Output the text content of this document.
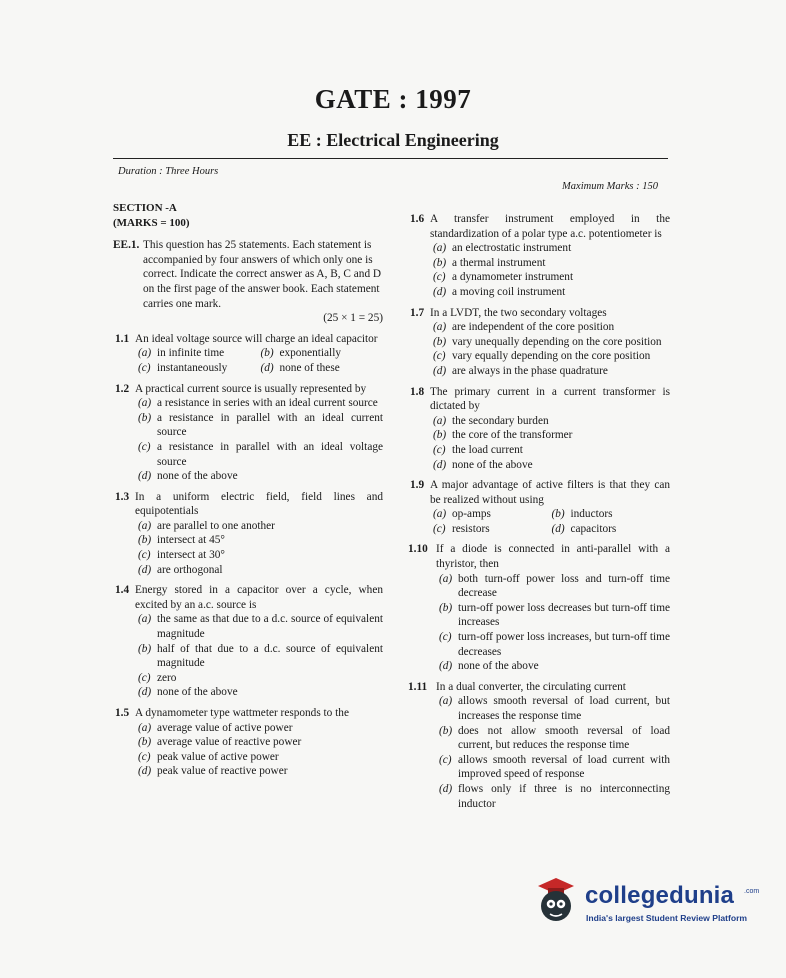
GATE : 1997
EE : Electrical Engineering
Duration : Three Hours
Maximum Marks : 150
SECTION -A
(MARKS = 100)
EE.1. This question has 25 statements. Each statement is accompanied by four answers of which only one is correct. Indicate the correct answer as A, B, C and D on the first page of the answer book. Each statement carries one mark.
(25 × 1 = 25)
1.1 An ideal voltage source will charge an ideal capacitor
(a) in infinite time	(b) exponentially
(c) instantaneously	(d) none of these
1.2 A practical current source is usually represented by
(a) a resistance in series with an ideal current source
(b) a resistance in parallel with an ideal current source
(c) a resistance in parallel with an ideal voltage source
(d) none of the above
1.3 In a uniform electric field, field lines and equipotentials
(a) are parallel to one another
(b) intersect at 45°
(c) intersect at 30°
(d) are orthogonal
1.4 Energy stored in a capacitor over a cycle, when excited by an a.c. source is
(a) the same as that due to a d.c. source of equivalent magnitude
(b) half of that due to a d.c. source of equivalent magnitude
(c) zero
(d) none of the above
1.5 A dynamometer type wattmeter responds to the
(a) average value of active power
(b) average value of reactive power
(c) peak value of active power
(d) peak value of reactive power
1.6 A transfer instrument employed in the standardization of a polar type a.c. potentiometer is
(a) an electrostatic instrument
(b) a thermal instrument
(c) a dynamometer instrument
(d) a moving coil instrument
1.7 In a LVDT, the two secondary voltages
(a) are independent of the core position
(b) vary unequally depending on the core position
(c) vary equally depending on the core position
(d) are always in the phase quadrature
1.8 The primary current in a current transformer is dictated by
(a) the secondary burden
(b) the core of the transformer
(c) the load current
(d) none of the above
1.9 A major advantage of active filters is that they can be realized without using
(a) op-amps	(b) inductors
(c) resistors	(d) capacitors
1.10 If a diode is connected in anti-parallel with a thyristor, then
(a) both turn-off power loss and turn-off time decrease
(b) turn-off power loss decreases but turn-off time increases
(c) turn-off power loss increases, but turn-off time decreases
(d) none of the above
1.11 In a dual converter, the circulating current
(a) allows smooth reversal of load current, but increases the response time
(b) does not allow smooth reversal of load current, but reduces the response time
(c) allows smooth reversal of load current with improved speed of response
(d) flows only if three is no interconnecting inductor
collegedunia .com
India's largest Student Review Platform
